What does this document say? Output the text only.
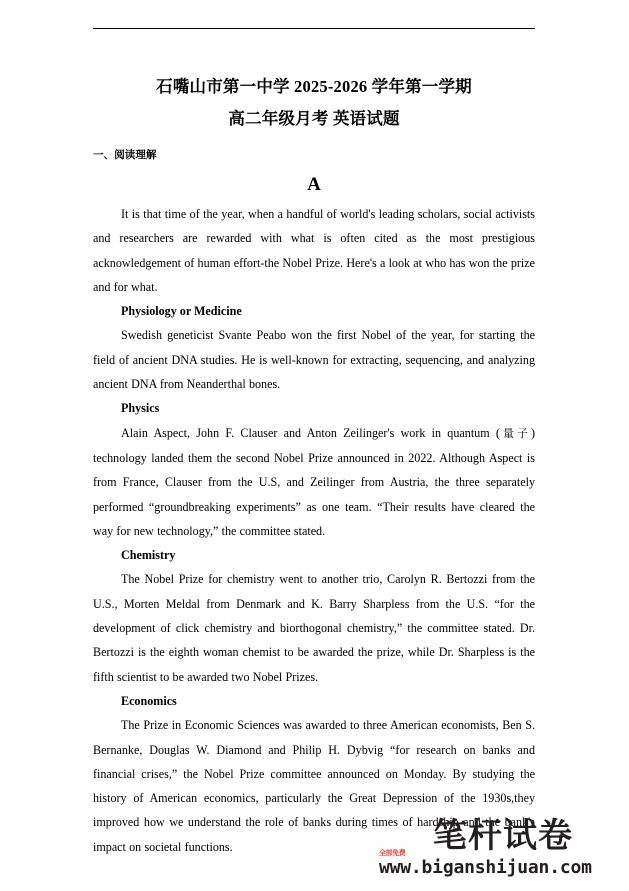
石嘴山市第一中学 2025-2026 学年第一学期
高二年级月考 英语试题
一、阅读理解
A

It is that time of the year, when a handful of world's leading scholars, social activists and researchers are rewarded with what is often cited as the most prestigious acknowledgement of human effort-the Nobel Prize. Here's a look at who has won the prize and for what.

Physiology or Medicine

Swedish geneticist Svante Peabo won the first Nobel of the year, for starting the field of ancient DNA studies. He is well-known for extracting, sequencing, and analyzing ancient DNA from Neanderthal bones.

Physics

Alain Aspect, John F. Clauser and Anton Zeilinger's work in quantum (量子) technology landed them the second Nobel Prize announced in 2022. Although Aspect is from France, Clauser from the U.S, and Zeilinger from Austria, the three separately performed “groundbreaking experiments” as one team. “Their results have cleared the way for new technology,” the committee stated.

Chemistry

The Nobel Prize for chemistry went to another trio, Carolyn R. Bertozzi from the U.S., Morten Meldal from Denmark and K. Barry Sharpless from the U.S. “for the development of click chemistry and biorthogonal chemistry,” the committee stated. Dr. Bertozzi is the eighth woman chemist to be awarded the prize, while Dr. Sharpless is the fifth scientist to be awarded two Nobel Prizes.

Economics

The Prize in Economic Sciences was awarded to three American economists, Ben S. Bernanke, Douglas W. Diamond and Philip H. Dybvig “for research on banks and financial crises,” the Nobel Prize committee announced on Monday. By studying the history of American economics, particularly the Great Depression of the 1930s,they improved how we understand the role of banks during times of hardship and the bank's impact on societal functions.	笔杆试卷
全部免费
www.biganshijuan.com
